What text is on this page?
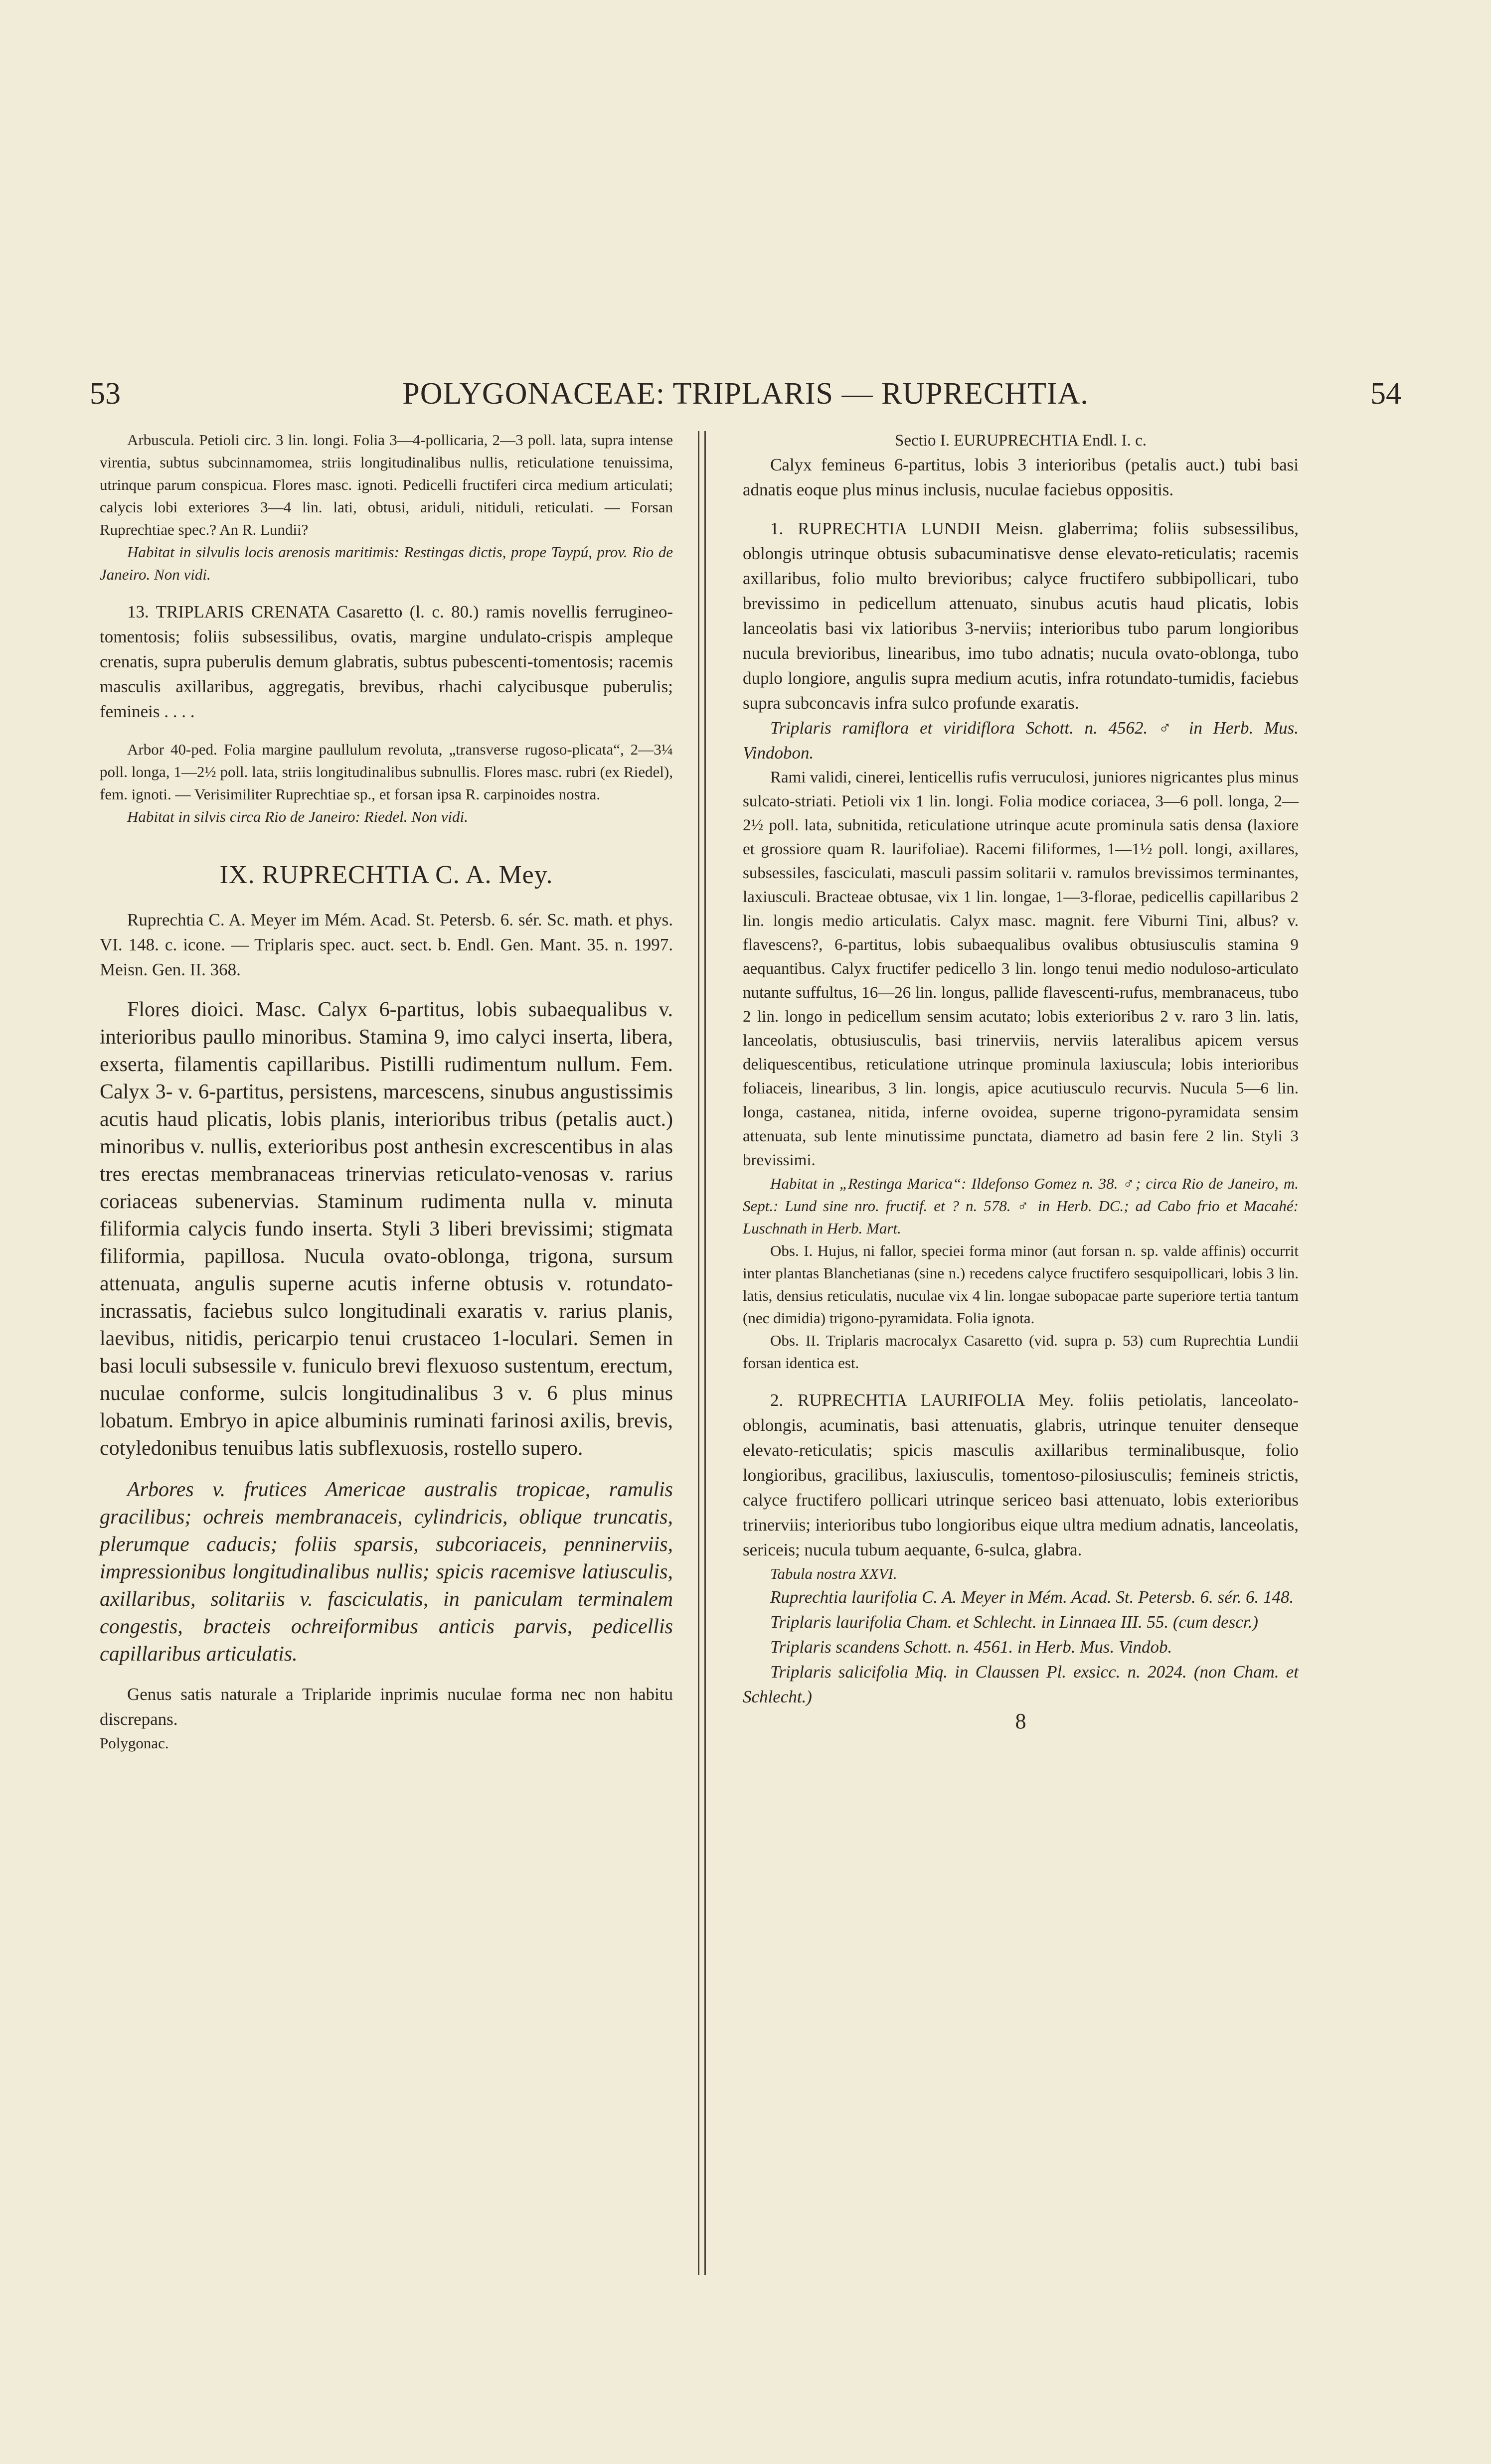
53	POLYGONACEAE: TRIPLARIS — RUPRECHTIA.	54

Arbuscula. Petioli circ. 3 lin. longi. Folia 3—4-pollicaria, 2—3 poll. lata, supra intense virentia, subtus subcinnamomea, striis longitudinalibus nullis, reticulatione tenuissima, utrinque parum conspicua. Flores masc. ignoti. Pedicelli fructiferi circa medium articulati; calycis lobi exteriores 3—4 lin. lati, obtusi, ariduli, nitiduli, reticulati. — Forsan Ruprechtiae spec.? An R. Lundii?

Habitat in silvulis locis arenosis maritimis: Restingas dictis, prope Taypú, prov. Rio de Janeiro. Non vidi.

13. TRIPLARIS CRENATA Casaretto (l. c. 80.) ramis novellis ferrugineo-tomentosis; foliis subsessilibus, ovatis, margine undulato-crispis ampleque crenatis, supra puberulis demum glabratis, subtus pubescenti-tomentosis; racemis masculis axillaribus, aggregatis, brevibus, rhachi calycibusque puberulis; femineis . . . .

Arbor 40-ped. Folia margine paullulum revoluta, „transverse rugoso-plicata“, 2—3¼ poll. longa, 1—2½ poll. lata, striis longitudinalibus subnullis. Flores masc. rubri (ex Riedel), fem. ignoti. — Verisimiliter Ruprechtiae sp., et forsan ipsa R. carpinoides nostra.

Habitat in silvis circa Rio de Janeiro: Riedel. Non vidi.

IX. RUPRECHTIA C. A. Mey.

Ruprechtia C. A. Meyer im Mém. Acad. St. Petersb. 6. sér. Sc. math. et phys. VI. 148. c. icone. — Triplaris spec. auct. sect. b. Endl. Gen. Mant. 35. n. 1997. Meisn. Gen. II. 368.

Flores dioici. Masc. Calyx 6-partitus, lobis subaequalibus v. interioribus paullo minoribus. Stamina 9, imo calyci inserta, libera, exserta, filamentis capillaribus. Pistilli rudimentum nullum. Fem. Calyx 3- v. 6-partitus, persistens, marcescens, sinubus angustissimis acutis haud plicatis, lobis planis, interioribus tribus (petalis auct.) minoribus v. nullis, exterioribus post anthesin excrescentibus in alas tres erectas membranaceas trinervias reticulato-venosas v. rarius coriaceas subenervias. Staminum rudimenta nulla v. minuta filiformia calycis fundo inserta. Styli 3 liberi brevissimi; stigmata filiformia, papillosa. Nucula ovato-oblonga, trigona, sursum attenuata, angulis superne acutis inferne obtusis v. rotundato-incrassatis, faciebus sulco longitudinali exaratis v. rarius planis, laevibus, nitidis, pericarpio tenui crustaceo 1-loculari. Semen in basi loculi subsessile v. funiculo brevi flexuoso sustentum, erectum, nuculae conforme, sulcis longitudinalibus 3 v. 6 plus minus lobatum. Embryo in apice albuminis ruminati farinosi axilis, brevis, cotyledonibus tenuibus latis subflexuosis, rostello supero.

Arbores v. frutices Americae australis tropicae, ramulis gracilibus; ochreis membranaceis, cylindricis, oblique truncatis, plerumque caducis; foliis sparsis, subcoriaceis, penninerviis, impressionibus longitudinalibus nullis; spicis racemisve latiusculis, axillaribus, solitariis v. fasciculatis, in paniculam terminalem congestis, bracteis ochreiformibus anticis parvis, pedicellis capillaribus articulatis.

Genus satis naturale a Triplaride inprimis nuculae forma nec non habitu discrepans.

Polygonac.

Sectio I. EURUPRECHTIA Endl. I. c.

Calyx femineus 6-partitus, lobis 3 interioribus (petalis auct.) tubi basi adnatis eoque plus minus inclusis, nuculae faciebus oppositis.

1. RUPRECHTIA LUNDII Meisn. glaberrima; foliis subsessilibus, oblongis utrinque obtusis subacuminatisve dense elevato-reticulatis; racemis axillaribus, folio multo brevioribus; calyce fructifero subbipollicari, tubo brevissimo in pedicellum attenuato, sinubus acutis haud plicatis, lobis lanceolatis basi vix latioribus 3-nerviis; interioribus tubo parum longioribus nucula brevioribus, linearibus, imo tubo adnatis; nucula ovato-oblonga, tubo duplo longiore, angulis supra medium acutis, infra rotundato-tumidis, faciebus supra subconcavis infra sulco profunde exaratis.

Triplaris ramiflora et viridiflora Schott. n. 4562. ♂ in Herb. Mus. Vindobon.

Rami validi, cinerei, lenticellis rufis verruculosi, juniores nigricantes plus minus sulcato-striati. Petioli vix 1 lin. longi. Folia modice coriacea, 3—6 poll. longa, 2—2½ poll. lata, subnitida, reticulatione utrinque acute prominula satis densa (laxiore et grossiore quam R. laurifoliae). Racemi filiformes, 1—1½ poll. longi, axillares, subsessiles, fasciculati, masculi passim solitarii v. ramulos brevissimos terminantes, laxiusculi. Bracteae obtusae, vix 1 lin. longae, 1—3-florae, pedicellis capillaribus 2 lin. longis medio articulatis. Calyx masc. magnit. fere Viburni Tini, albus? v. flavescens?, 6-partitus, lobis subaequalibus ovalibus obtusiusculis stamina 9 aequantibus. Calyx fructifer pedicello 3 lin. longo tenui medio noduloso-articulato nutante suffultus, 16—26 lin. longus, pallide flavescenti-rufus, membranaceus, tubo 2 lin. longo in pedicellum sensim acutato; lobis exterioribus 2 v. raro 3 lin. latis, lanceolatis, obtusiusculis, basi trinerviis, nerviis lateralibus apicem versus deliquescentibus, reticulatione utrinque prominula laxiuscula; lobis interioribus foliaceis, linearibus, 3 lin. longis, apice acutiusculo recurvis. Nucula 5—6 lin. longa, castanea, nitida, inferne ovoidea, superne trigono-pyramidata sensim attenuata, sub lente minutissime punctata, diametro ad basin fere 2 lin. Styli 3 brevissimi.

Habitat in „Restinga Marica“: Ildefonso Gomez n. 38. ♂; circa Rio de Janeiro, m. Sept.: Lund sine nro. fructif. et ? n. 578. ♂ in Herb. DC.; ad Cabo frio et Macahé: Luschnath in Herb. Mart.

Obs. I. Hujus, ni fallor, speciei forma minor (aut forsan n. sp. valde affinis) occurrit inter plantas Blanchetianas (sine n.) recedens calyce fructifero sesquipollicari, lobis 3 lin. latis, densius reticulatis, nuculae vix 4 lin. longae subopacae parte superiore tertia tantum (nec dimidia) trigono-pyramidata. Folia ignota.

Obs. II. Triplaris macrocalyx Casaretto (vid. supra p. 53) cum Ruprechtia Lundii forsan identica est.

2. RUPRECHTIA LAURIFOLIA Mey. foliis petiolatis, lanceolato-oblongis, acuminatis, basi attenuatis, glabris, utrinque tenuiter denseque elevato-reticulatis; spicis masculis axillaribus terminalibusque, folio longioribus, gracilibus, laxiusculis, tomentoso-pilosiusculis; femineis strictis, calyce fructifero pollicari utrinque sericeo basi attenuato, lobis exterioribus trinerviis; interioribus tubo longioribus eique ultra medium adnatis, lanceolatis, sericeis; nucula tubum aequante, 6-sulca, glabra.

Tabula nostra XXVI.

Ruprechtia laurifolia C. A. Meyer in Mém. Acad. St. Petersb. 6. sér. 6. 148.

Triplaris laurifolia Cham. et Schlecht. in Linnaea III. 55. (cum descr.)

Triplaris scandens Schott. n. 4561. in Herb. Mus. Vindob.

Triplaris salicifolia Miq. in Claussen Pl. exsicc. n. 2024. (non Cham. et Schlecht.)

8
